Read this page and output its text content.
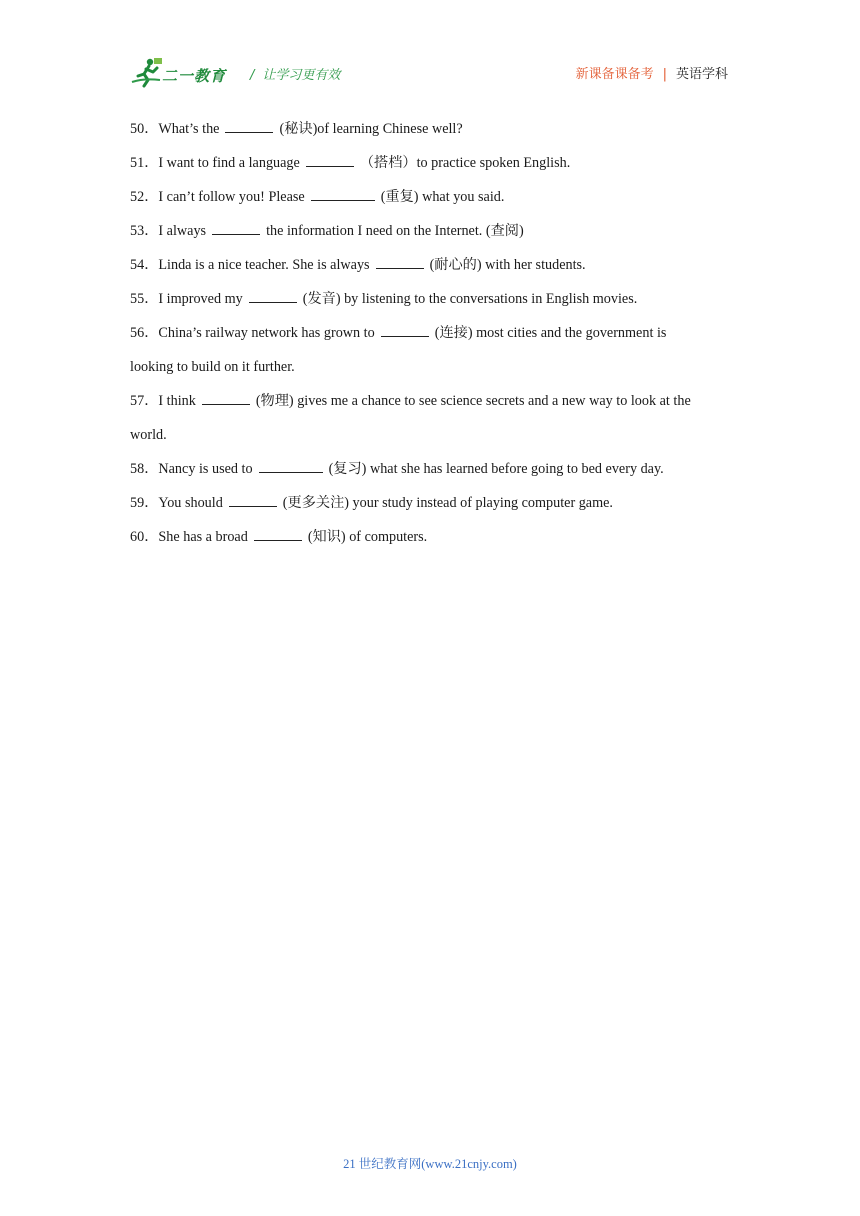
二一教育 / 让学习更有效	新课备课备考 | 英语学科

50．What’s the	(秘诀)of learning Chinese well?

51．I want to find a language	（搭档）to practice spoken English.

52．I can’t follow you! Please	(重复) what you said.

53．I always	the information I need on the Internet. (查阅)

54．Linda is a nice teacher. She is always	(耐心的) with her students.

55．I improved my	(发音) by listening to the conversations in English movies.

56．China’s railway network has grown to	(连接) most cities and the government is

looking to build on it further.

57．I think	(物理) gives me a chance to see science secrets and a new way to look at the

world.

58．Nancy is used to	(复习) what she has learned before going to bed every day.

59．You should	(更多关注) your study instead of playing computer game.

60．She has a broad	(知识) of computers.

21 世纪教育网(www.21cnjy.com)
